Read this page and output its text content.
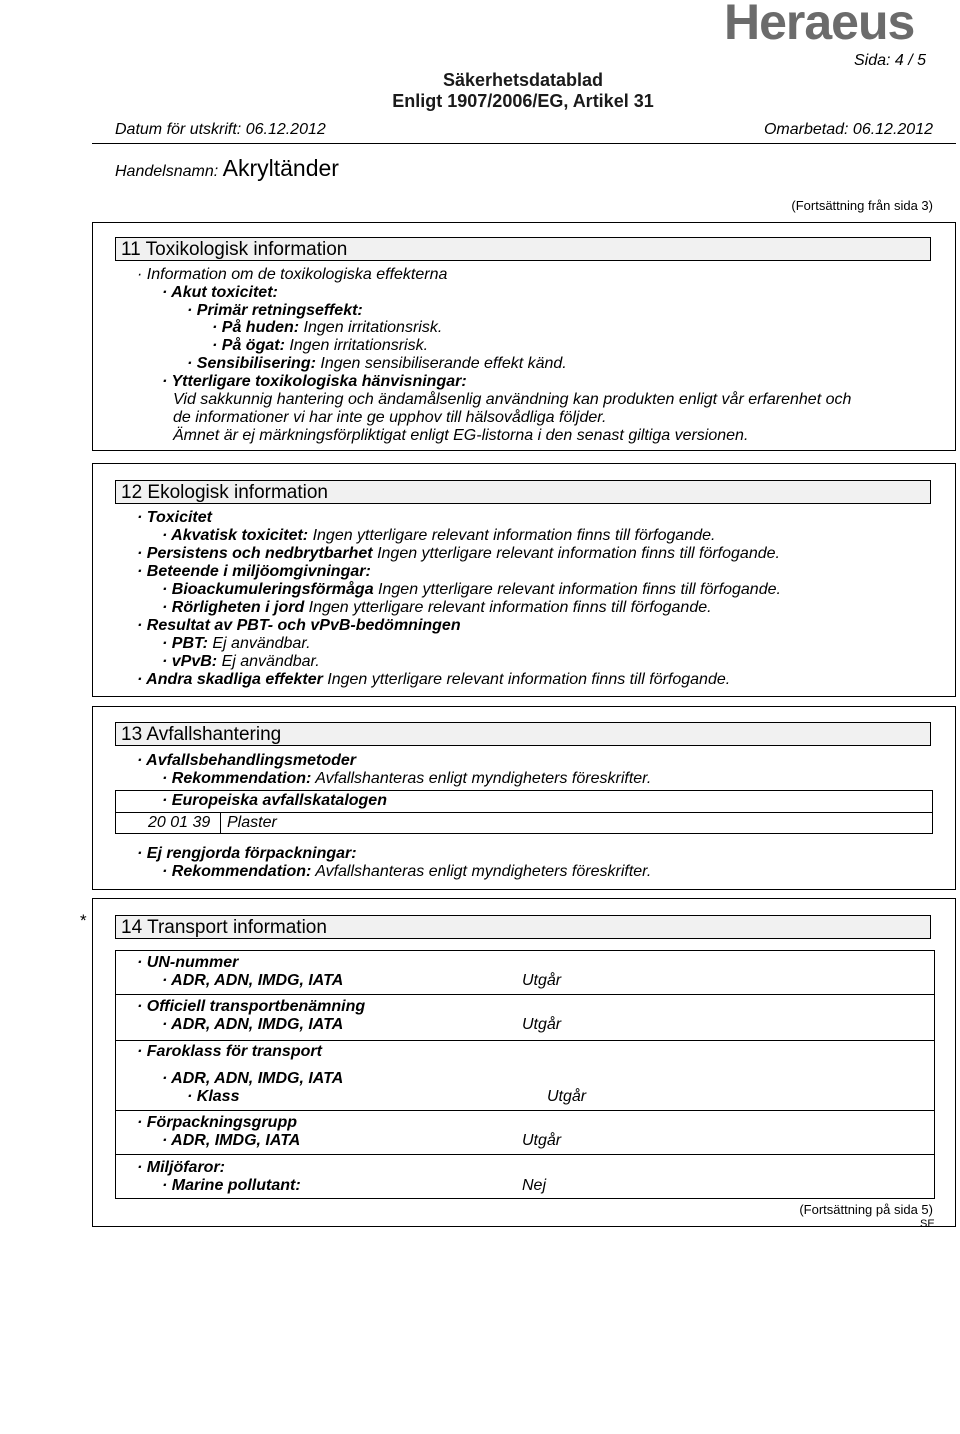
Heraeus
Sida: 4 / 5
Säkerhetsdatablad
Enligt 1907/2006/EG, Artikel 31
Datum för utskrift: 06.12.2012	Omarbetad: 06.12.2012
Handelsnamn: Akryltänder
(Fortsättning från sida 3)
11 Toxikologisk information
· Information om de toxikologiska effekterna
· Akut toxicitet:
· Primär retningseffekt:
· På huden: Ingen irritationsrisk.
· På ögat: Ingen irritationsrisk.
· Sensibilisering: Ingen sensibiliserande effekt känd.
· Ytterligare toxikologiska hänvisningar:
Vid sakkunnig hantering och ändamålsenlig användning kan produkten enligt vår erfarenhet och
de informationer vi har inte ge upphov till hälsovådliga följder.
Ämnet är ej märkningsförpliktigat enligt EG-listorna i den senast giltiga versionen.
12 Ekologisk information
· Toxicitet
· Akvatisk toxicitet: Ingen ytterligare relevant information finns till förfogande.
· Persistens och nedbrytbarhet Ingen ytterligare relevant information finns till förfogande.
· Beteende i miljöomgivningar:
· Bioackumuleringsförmåga Ingen ytterligare relevant information finns till förfogande.
· Rörligheten i jord Ingen ytterligare relevant information finns till förfogande.
· Resultat av PBT- och vPvB-bedömningen
· PBT: Ej användbar.
· vPvB: Ej användbar.
· Andra skadliga effekter Ingen ytterligare relevant information finns till förfogande.
13 Avfallshantering
· Avfallsbehandlingsmetoder
· Rekommendation: Avfallshanteras enligt myndigheters föreskrifter.
· Europeiska avfallskatalogen
20 01 39 Plaster
· Ej rengjorda förpackningar:
· Rekommendation: Avfallshanteras enligt myndigheters föreskrifter.
*	14 Transport information
· UN-nummer
· ADR, ADN, IMDG, IATA	Utgår
· Officiell transportbenämning
· ADR, ADN, IMDG, IATA	Utgår
· Faroklass för transport
· ADR, ADN, IMDG, IATA
· Klass	Utgår
· Förpackningsgrupp
· ADR, IMDG, IATA	Utgår
· Miljöfaror:
· Marine pollutant:	Nej
(Fortsättning på sida 5)
SE
